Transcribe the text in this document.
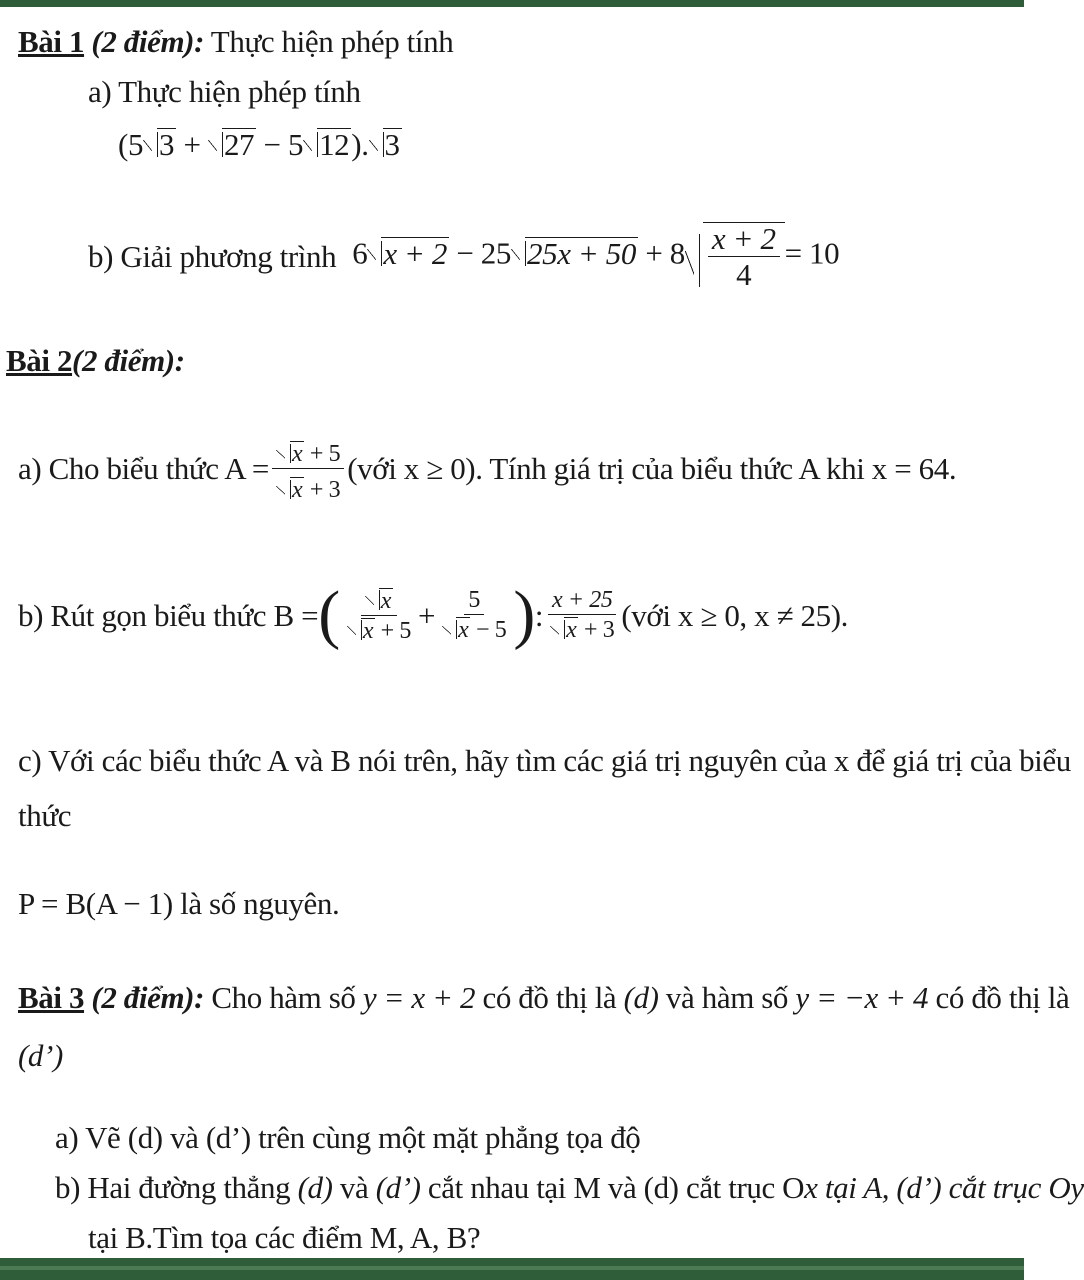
Bài 1 (2 điểm): Thực hiện phép tính
a) Thực hiện phép tính
(5 3 + 27 − 5 12). 3
b) Giải phương trình 6 x + 2 − 25 $25x + 50 + 8 \frac{x + 2}{4} = 10$
Bài 2(2 điểm):
a) Cho biểu thức $A = \frac{x + 5}{x + 3}$ (với x ≥ 0). Tính giá trị của biểu thức A khi x = 64.
b) Rút gọn biểu thức B = ( $\frac{x}{x + 5} + \frac{5}{x - 5}$ ) : $\frac{x + 25}{x + 3}$ (với x ≥ 0, x ≠ 25).
c) Với các biểu thức A và B nói trên, hãy tìm các giá trị nguyên của x để giá trị của biểu
thức
P = B(A − 1) là số nguyên.
Bài 3 (2 điểm): Cho hàm số y = x + 2 có đồ thị là (d) và hàm số y = −x + 4 có đồ thị là
(d’)
a) Vẽ (d) và (d’) trên cùng một mặt phẳng tọa độ
b) Hai đường thẳng (d) và (d’) cắt nhau tại M và (d) cắt trục Ox tại A, (d’) cắt trục Oy
tại B.Tìm tọa các điểm M, A, B?
